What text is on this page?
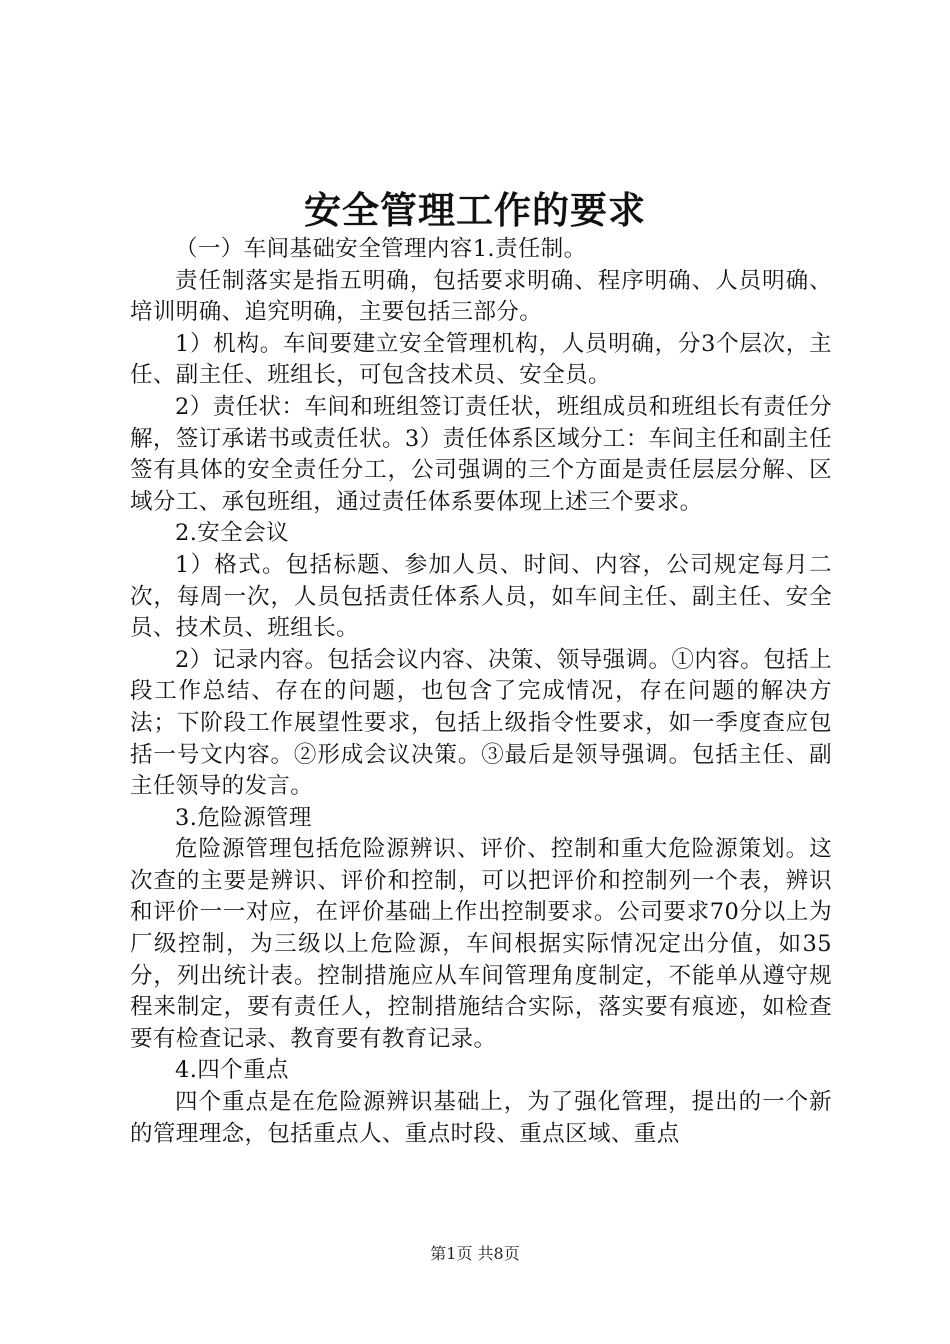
安全管理工作的要求

（一）车间基础安全管理内容1.责任制。

责任制落实是指五明确，包括要求明确、程序明确、人员明确、培训明确、追究明确，主要包括三部分。

1）机构。车间要建立安全管理机构，人员明确，分3个层次，主任、副主任、班组长，可包含技术员、安全员。

2）责任状：车间和班组签订责任状，班组成员和班组长有责任分解，签订承诺书或责任状。3）责任体系区域分工：车间主任和副主任签有具体的安全责任分工，公司强调的三个方面是责任层层分解、区域分工、承包班组，通过责任体系要体现上述三个要求。

2.安全会议

1）格式。包括标题、参加人员、时间、内容，公司规定每月二次，每周一次，人员包括责任体系人员，如车间主任、副主任、安全员、技术员、班组长。

2）记录内容。包括会议内容、决策、领导强调。①内容。包括上段工作总结、存在的问题，也包含了完成情况，存在问题的解决方法；下阶段工作展望性要求，包括上级指令性要求，如一季度查应包括一号文内容。②形成会议决策。③最后是领导强调。包括主任、副主任领导的发言。

3.危险源管理

危险源管理包括危险源辨识、评价、控制和重大危险源策划。这次查的主要是辨识、评价和控制，可以把评价和控制列一个表，辨识和评价一一对应，在评价基础上作出控制要求。公司要求70分以上为厂级控制，为三级以上危险源，车间根据实际情况定出分值，如35分，列出统计表。控制措施应从车间管理角度制定，不能单从遵守规程来制定，要有责任人，控制措施结合实际，落实要有痕迹，如检查要有检查记录、教育要有教育记录。

4.四个重点

四个重点是在危险源辨识基础上，为了强化管理，提出的一个新的管理理念，包括重点人、重点时段、重点区域、重点

第1页 共8页
